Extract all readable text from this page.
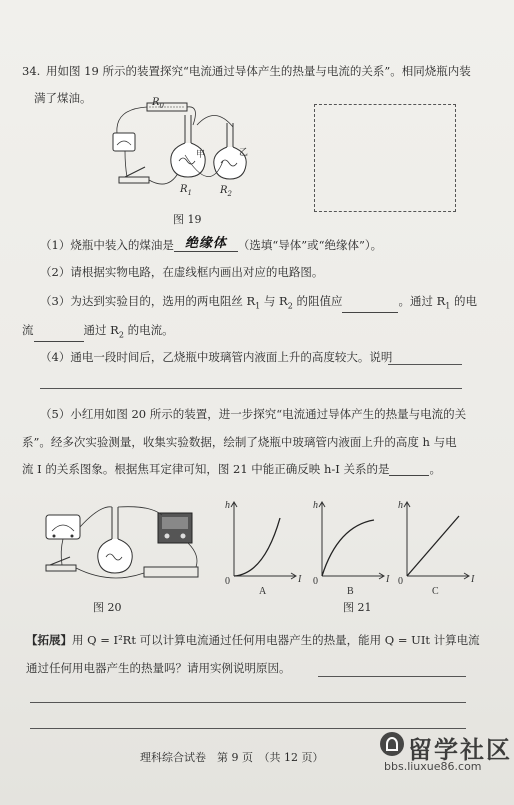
34. 用如图 19 所示的装置探究“电流通过导体产生的热量与电流的关系”。相同烧瓶内装
满了煤油。	$R_0$
甲	乙
$R_1$	$R_2$
图 19
（1）烧瓶中装入的煤油是 绝缘体 （选填“导体”或“绝缘体”）。
（2）请根据实物电路，在虚线框内画出对应的电路图。
（3）为达到实验目的，选用的两电阻丝 $R_1$ 与 $R_2$ 的阻值应	。通过 $R_1$ 的电
流	通过 $R_2$ 的电流。
（4）通电一段时间后，乙烧瓶中玻璃管内液面上升的高度较大。说明
（5）小红用如图 20 所示的装置，进一步探究“电流通过导体产生的热量与电流的关
系”。经多次实验测量，收集实验数据，绘制了烧瓶中玻璃管内液面上升的高度 h 与电
流 I 的关系图象。根据焦耳定律可知，图 21 中能正确反映 h-I 关系的是	。
图 20
h
I
0
A
h
I
0
B
h
I
0
C
图 21
【拓展】用 Q = I²Rt 可以计算电流通过任何用电器产生的热量，能用 Q = UIt 计算电流
通过任何用电器产生的热量吗？请用实例说明原因。
理科综合试卷　第 9 页　（共 12 页）	留学社区
bbs.liuxue86.com
